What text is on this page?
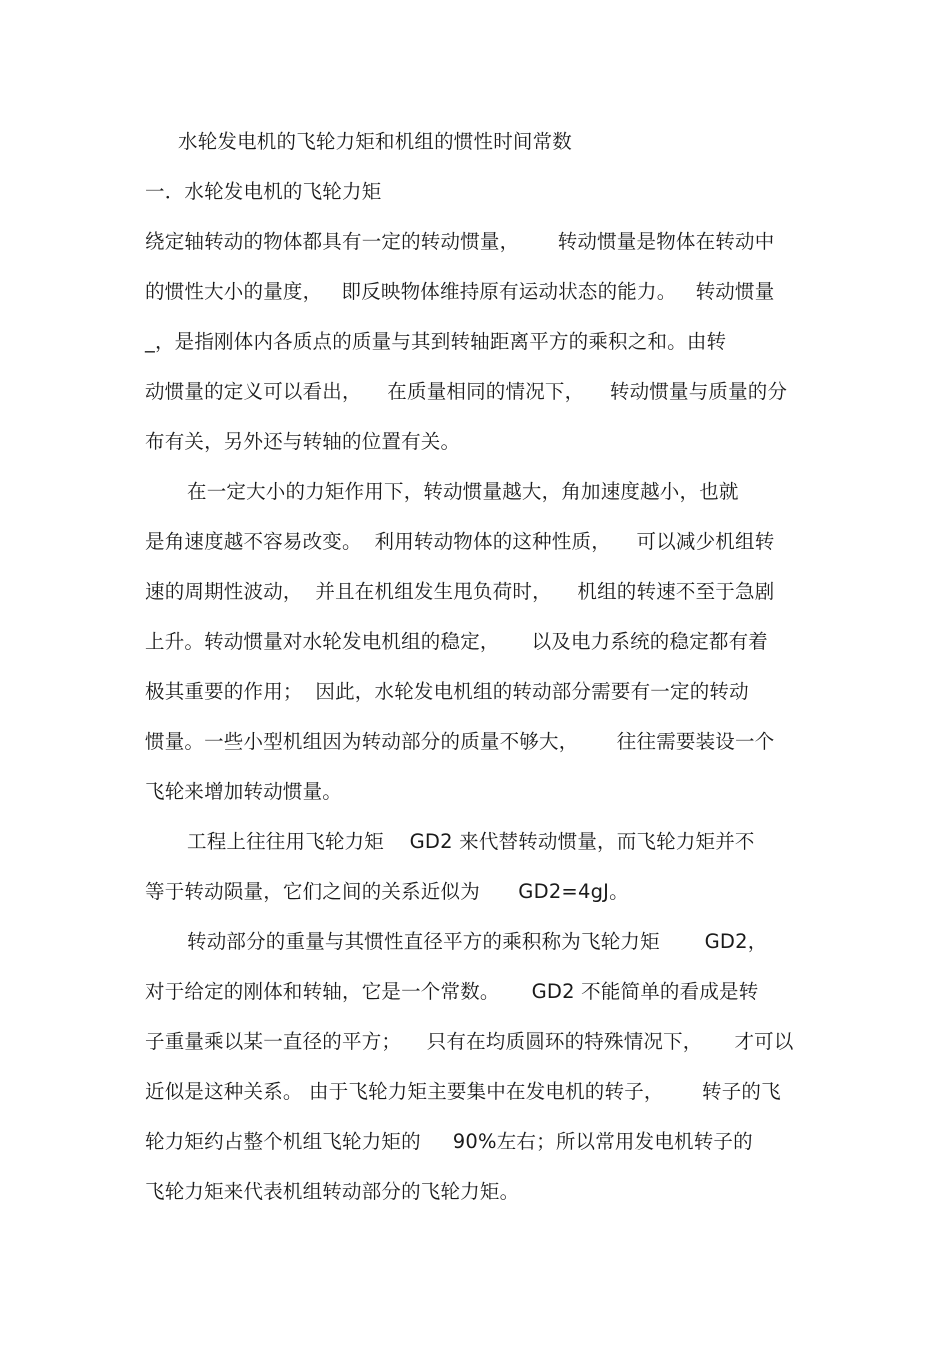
水轮发电机的飞轮力矩和机组的惯性时间常数
一．水轮发电机的飞轮力矩
绕定轴转动的物体都具有一定的转动惯量，      转动惯量是物体在转动中
的惯性大小的量度，   即反映物体维持原有运动状态的能力。   转动惯量
_，是指刚体内各质点的质量与其到转轴距离平方的乘积之和。由转
动惯量的定义可以看出，    在质量相同的情况下，    转动惯量与质量的分
布有关，另外还与转轴的位置有关。
在一定大小的力矩作用下，转动惯量越大，角加速度越小，也就
是角速度越不容易改变。  利用转动物体的这种性质，    可以减少机组转
速的周期性波动，  并且在机组发生甩负荷时，    机组的转速不至于急剧
上升。转动惯量对水轮发电机组的稳定，     以及电力系统的稳定都有着
极其重要的作用；  因此，水轮发电机组的转动部分需要有一定的转动
惯量。一些小型机组因为转动部分的质量不够大，      往往需要装设一个
飞轮来增加转动惯量。
工程上往往用飞轮力矩    GD2 来代替转动惯量，而飞轮力矩并不
等于转动陨量，它们之间的关系近似为      GD2=4gJ。
转动部分的重量与其惯性直径平方的乘积称为飞轮力矩       GD2，
对于给定的刚体和转轴，它是一个常数。     GD2 不能简单的看成是转
子重量乘以某一直径的平方；    只有在均质圆环的特殊情况下，     才可以
近似是这种关系。 由于飞轮力矩主要集中在发电机的转子，      转子的飞
轮力矩约占整个机组飞轮力矩的     90%左右；所以常用发电机转子的
飞轮力矩来代表机组转动部分的飞轮力矩。
